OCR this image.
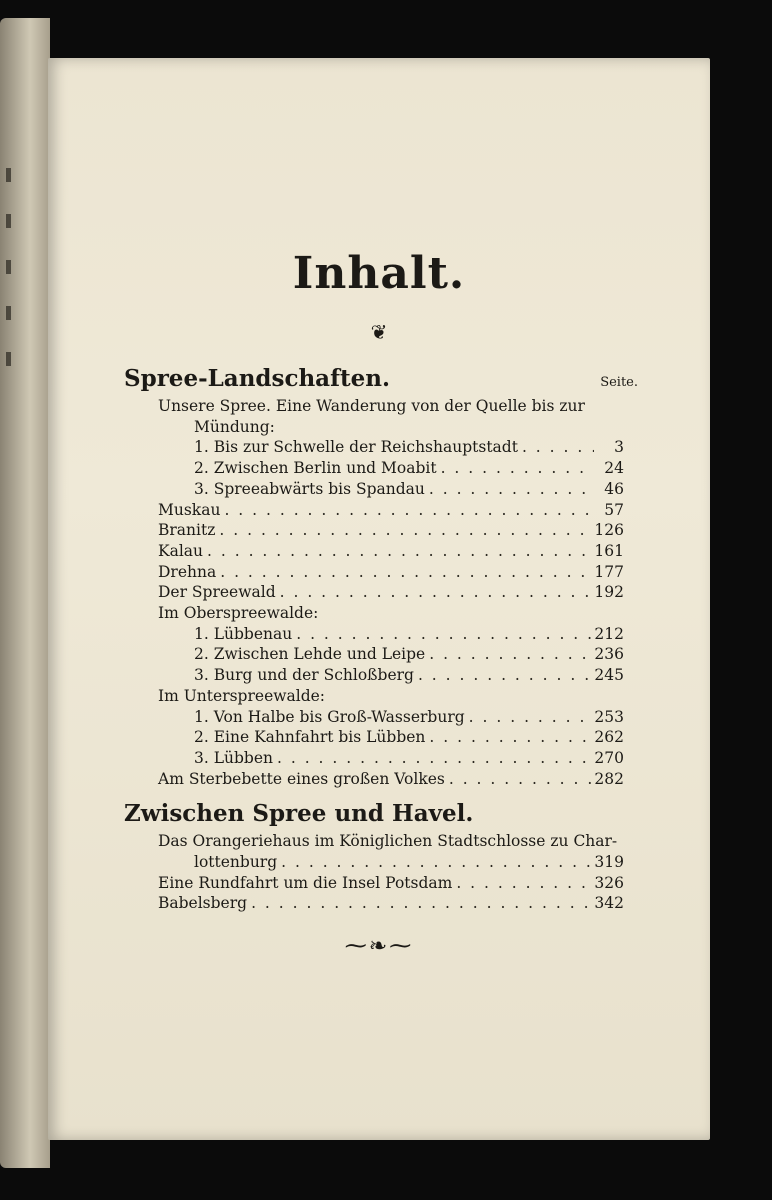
Inhalt.
❦
Spree-Landschaften.	Seite.
Unsere Spree. Eine Wanderung von der Quelle bis zur
Mündung:
1. Bis zur Schwelle der Reichshauptstadt . . .	3
2. Zwischen Berlin und Moabit . . .	24
3. Spreeabwärts bis Spandau . . .	46
Muskau . . .	57
Branitz . . .	126
Kalau . . .	161
Drehna . . .	177
Der Spreewald . . .	192
Im Oberspreewalde:
1. Lübbenau . . .	212
2. Zwischen Lehde und Leipe . . .	236
3. Burg und der Schloßberg . . .	245
Im Unterspreewalde:
1. Von Halbe bis Groß-Wasserburg . . .	253
2. Eine Kahnfahrt bis Lübben . . .	262
3. Lübben . . .	270
Am Sterbebette eines großen Volkes . . .	282
Zwischen Spree und Havel.
Das Orangeriehaus im Königlichen Stadtschlosse zu Char-
lottenburg . . .	319
Eine Rundfahrt um die Insel Potsdam . . .	326
Babelsberg . . .	342
⁓❧⁓
